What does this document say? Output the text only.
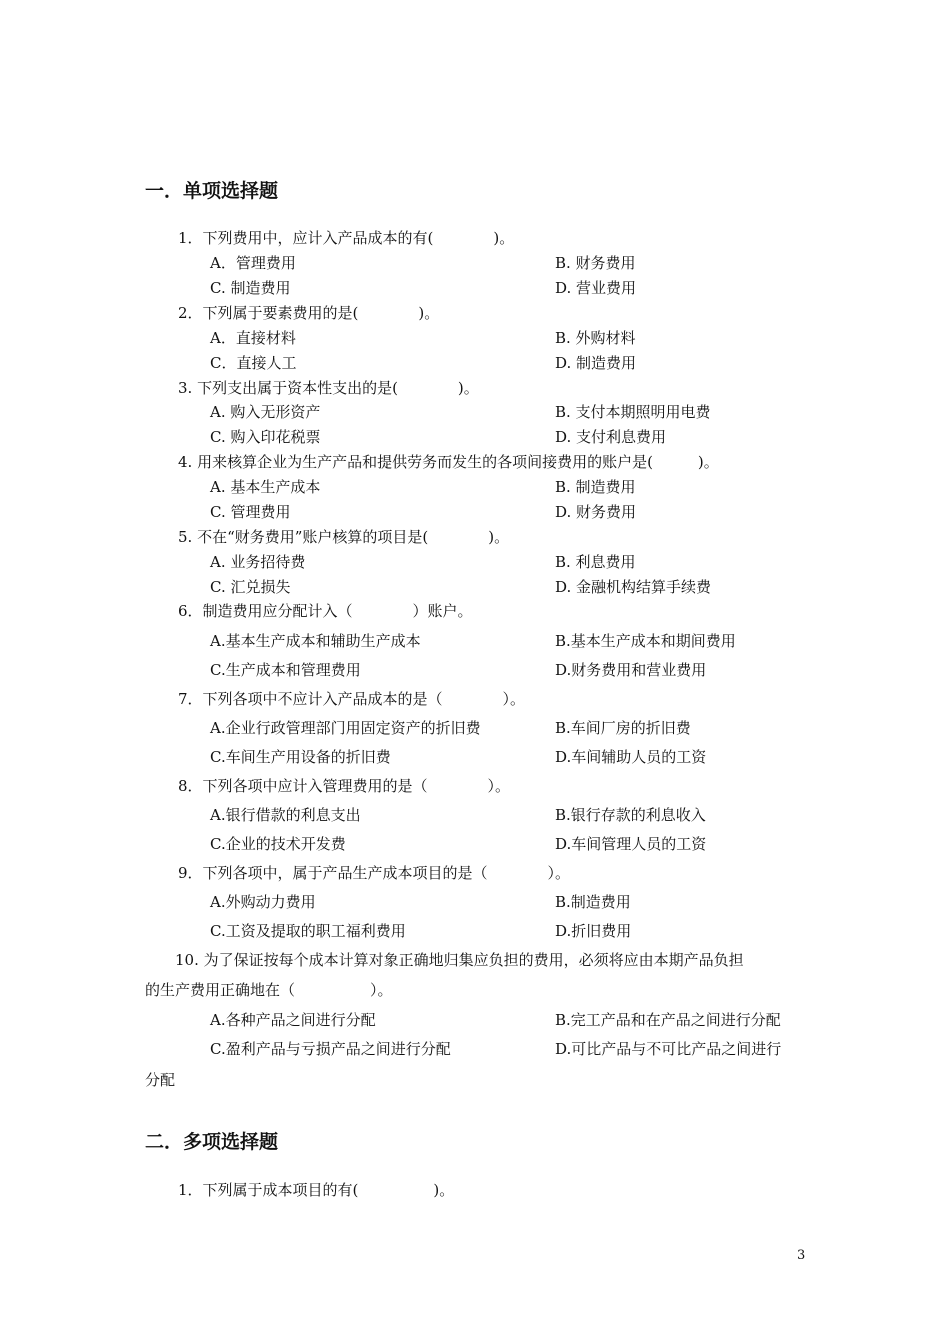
一．单项选择题
1．下列费用中，应计入产品成本的有(　　　　)。
A．管理费用	B. 财务费用
C. 制造费用	D. 营业费用
2．下列属于要素费用的是(　　　　)。
A．直接材料	B. 外购材料
C．直接人工	D. 制造费用
3. 下列支出属于资本性支出的是(　　　　)。
A. 购入无形资产	B. 支付本期照明用电费
C. 购入印花税票	D. 支付利息费用
4. 用来核算企业为生产产品和提供劳务而发生的各项间接费用的账户是(　　　)。
A. 基本生产成本	B. 制造费用
C. 管理费用	D. 财务费用
5. 不在“财务费用”账户核算的项目是(　　　　)。
A. 业务招待费	B. 利息费用
C. 汇兑损失	D. 金融机构结算手续费
6．制造费用应分配计入（　　　　）账户。
A.基本生产成本和辅助生产成本	B.基本生产成本和期间费用
C.生产成本和管理费用	D.财务费用和营业费用
7．下列各项中不应计入产品成本的是（　　　　）。
A.企业行政管理部门用固定资产的折旧费	B.车间厂房的折旧费
C.车间生产用设备的折旧费	D.车间辅助人员的工资
8．下列各项中应计入管理费用的是（　　　　）。
A.银行借款的利息支出	B.银行存款的利息收入
C.企业的技术开发费	D.车间管理人员的工资
9．下列各项中，属于产品生产成本项目的是（　　　　）。
A.外购动力费用	B.制造费用
C.工资及提取的职工福利费用	D.折旧费用
　　10. 为了保证按每个成本计算对象正确地归集应负担的费用，必须将应由本期产品负担
的生产费用正确地在（　　　　　）。
A.各种产品之间进行分配	B.完工产品和在产品之间进行分配
C.盈利产品与亏损产品之间进行分配	D.可比产品与不可比产品之间进行
分配
二．多项选择题
1．下列属于成本项目的有(　　　　　)。
3
